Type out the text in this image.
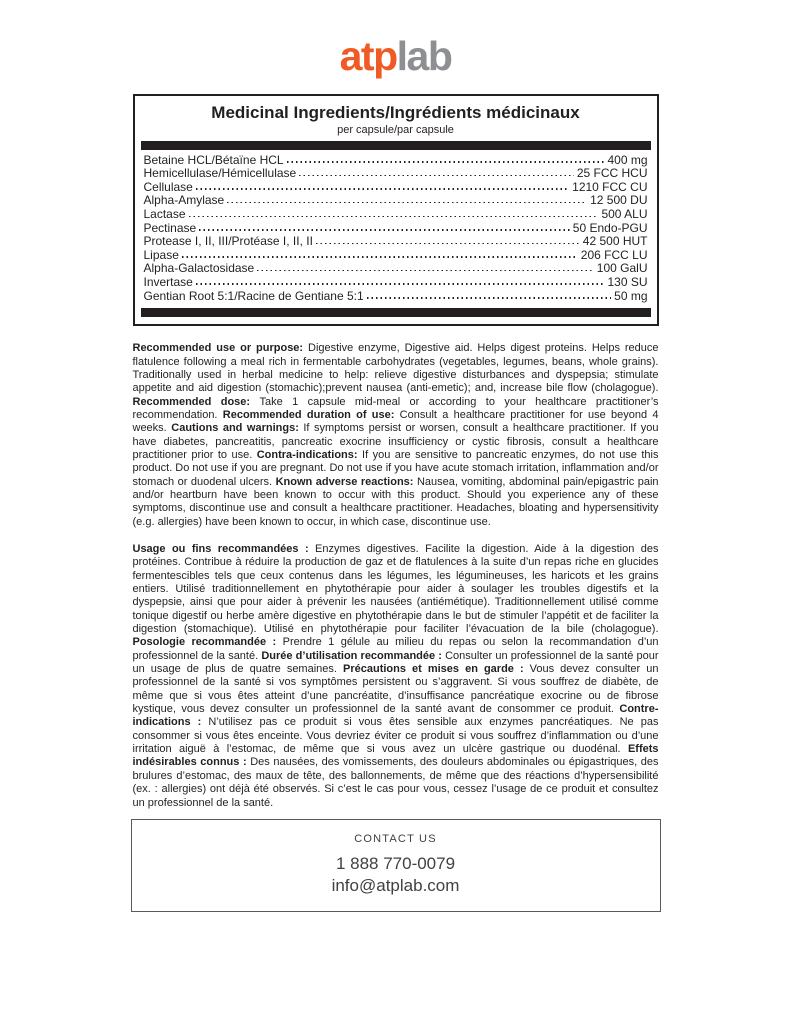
atplab
Medicinal Ingredients/Ingrédients médicinaux
per capsule/par capsule
Betaine HCL/Bétaïne HCL	400 mg
Hemicellulase/Hémicellulase	25 FCC HCU
Cellulase	1210 FCC CU
Alpha-Amylase	12 500 DU
Lactase	500 ALU
Pectinase	50 Endo-PGU
Protease I, II, III/Protéase I, II, II	42 500 HUT
Lipase	206 FCC LU
Alpha-Galactosidase	100 GalU
Invertase	130 SU
Gentian Root 5:1/Racine de Gentiane 5:1	50 mg
Recommended use or purpose: Digestive enzyme, Digestive aid. Helps digest proteins. Helps reduce flatulence following a meal rich in fermentable carbohydrates (vegetables, legumes, beans, whole grains). Traditionally used in herbal medicine to help: relieve digestive disturbances and dyspepsia; stimulate appetite and aid digestion (stomachic);prevent nausea (anti-emetic); and, increase bile flow (cholagogue). Recommended dose: Take 1 capsule mid-meal or according to your healthcare practitioner’s recommendation. Recommended duration of use: Consult a healthcare practitioner for use beyond 4 weeks. Cautions and warnings: If symptoms persist or worsen, consult a healthcare practitioner. If you have diabetes, pancreatitis, pancreatic exocrine insufficiency or cystic fibrosis, consult a healthcare practitioner prior to use. Contra-indications: If you are sensitive to pancreatic enzymes, do not use this product. Do not use if you are pregnant. Do not use if you have acute stomach irritation, inflammation and/or stomach or duodenal ulcers. Known adverse reactions: Nausea, vomiting, abdominal pain/epigastric pain and/or heartburn have been known to occur with this product. Should you experience any of these symptoms, discontinue use and consult a healthcare practitioner. Headaches, bloating and hypersensitivity (e.g. allergies) have been known to occur, in which case, discontinue use.
Usage ou fins recommandées : Enzymes digestives. Facilite la digestion. Aide à la digestion des protéines. Contribue à réduire la production de gaz et de flatulences à la suite d’un repas riche en glucides fermentescibles tels que ceux contenus dans les légumes, les légumineuses, les haricots et les grains entiers. Utilisé traditionnellement en phytothérapie pour aider à soulager les troubles digestifs et la dyspepsie, ainsi que pour aider à prévenir les nausées (antiémétique). Traditionnellement utilisé comme tonique digestif ou herbe amère digestive en phytothérapie dans le but de stimuler l’appétit et de faciliter la digestion (stomachique). Utilisé en phytothérapie pour faciliter l’évacuation de la bile (cholagogue). Posologie recommandée : Prendre 1 gélule au milieu du repas ou selon la recommandation d’un professionnel de la santé. Durée d’utilisation recommandée : Consulter un professionnel de la santé pour un usage de plus de quatre semaines. Précautions et mises en garde : Vous devez consulter un professionnel de la santé si vos symptômes persistent ou s’aggravent. Si vous souffrez de diabète, de même que si vous êtes atteint d’une pancréatite, d’insuffisance pancréatique exocrine ou de fibrose kystique, vous devez consulter un professionnel de la santé avant de consommer ce produit. Contre-indications : N’utilisez pas ce produit si vous êtes sensible aux enzymes pancréatiques. Ne pas consommer si vous êtes enceinte. Vous devriez éviter ce produit si vous souffrez d’inflammation ou d’une irritation aiguë à l’estomac, de même que si vous avez un ulcère gastrique ou duodénal. Effets indésirables connus : Des nausées, des vomissements, des douleurs abdominales ou épigastriques, des brulures d’estomac, des maux de tête, des ballonnements, de même que des réactions d’hypersensibilité (ex. : allergies) ont déjà été observés. Si c’est le cas pour vous, cessez l’usage de ce produit et consultez un professionnel de la santé.
CONTACT US
1 888 770-0079
info@atplab.com
